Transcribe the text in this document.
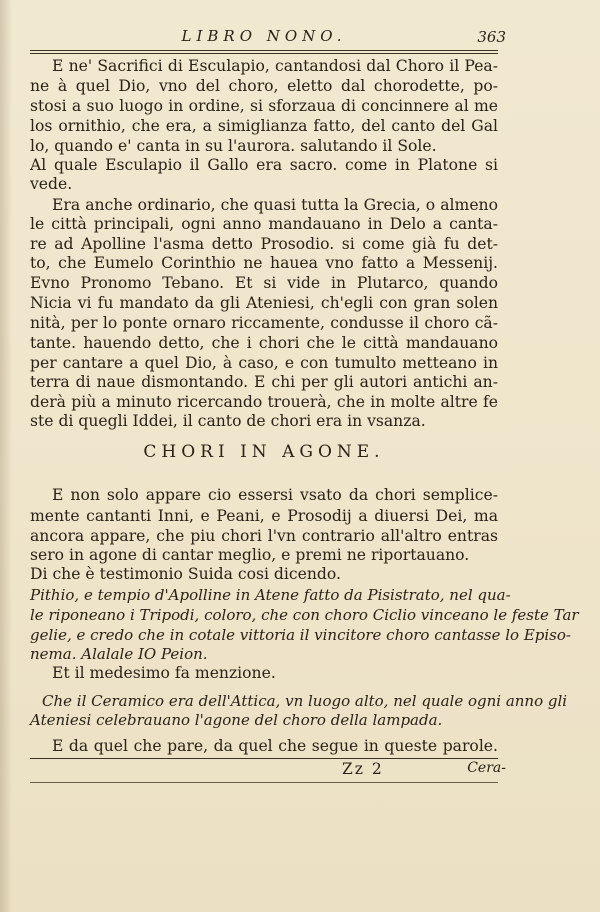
LIBRO NONO.	363
E ne' Sacrifici di Esculapio, cantandosi dal Choro il Pea-
ne à quel Dio, vno del choro, eletto dal chorodette, po-
stosi a suo luogo in ordine, si sforzaua di concinnere al me
los ornithio, che era, a simiglianza fatto, del canto del Gal
lo, quando e' canta in su l'aurora. salutando il Sole.
Al quale Esculapio il Gallo era sacro. come in Platone si
vede.
Era anche ordinario, che quasi tutta la Grecia, o almeno
le città principali, ogni anno mandauano in Delo a canta-
re ad Apolline l'asma detto Prosodio. si come già fu det-
to, che Eumelo Corinthio ne hauea vno fatto a Messenij.
Evno Pronomo Tebano. Et si vide in Plutarco, quando
Nicia vi fu mandato da gli Ateniesi, ch'egli con gran solen
nità, per lo ponte ornaro riccamente, condusse il choro cã-
tante. hauendo detto, che i chori che le città mandauano
per cantare a quel Dio, à caso, e con tumulto metteano in
terra di naue dismontando. E chi per gli autori antichi an-
derà più a minuto ricercando trouerà, che in molte altre fe
ste di quegli Iddei, il canto de chori era in vsanza.
CHORI IN AGONE.
E non solo appare cio essersi vsato da chori semplice-
mente cantanti Inni, e Peani, e Prosodij a diuersi Dei, ma
ancora appare, che piu chori l'vn contrario all'altro entras
sero in agone di cantar meglio, e premi ne riportauano.
Di che è testimonio Suida cosi dicendo.
Pithio, e tempio d'Apolline in Atene fatto da Pisistrato, nel qua-
le riponeano i Tripodi, coloro, che con choro Ciclio vinceano le feste Tar
gelie, e credo che in cotale vittoria il vincitore choro cantasse lo Episo-
nema. Alalale IO Peion.
Et il medesimo fa menzione.
Che il Ceramico era dell'Attica, vn luogo alto, nel quale ogni anno gli
Ateniesi celebrauano l'agone del choro della lampada.
E da quel che pare, da quel che segue in queste parole.
Zz 2	Cera-
